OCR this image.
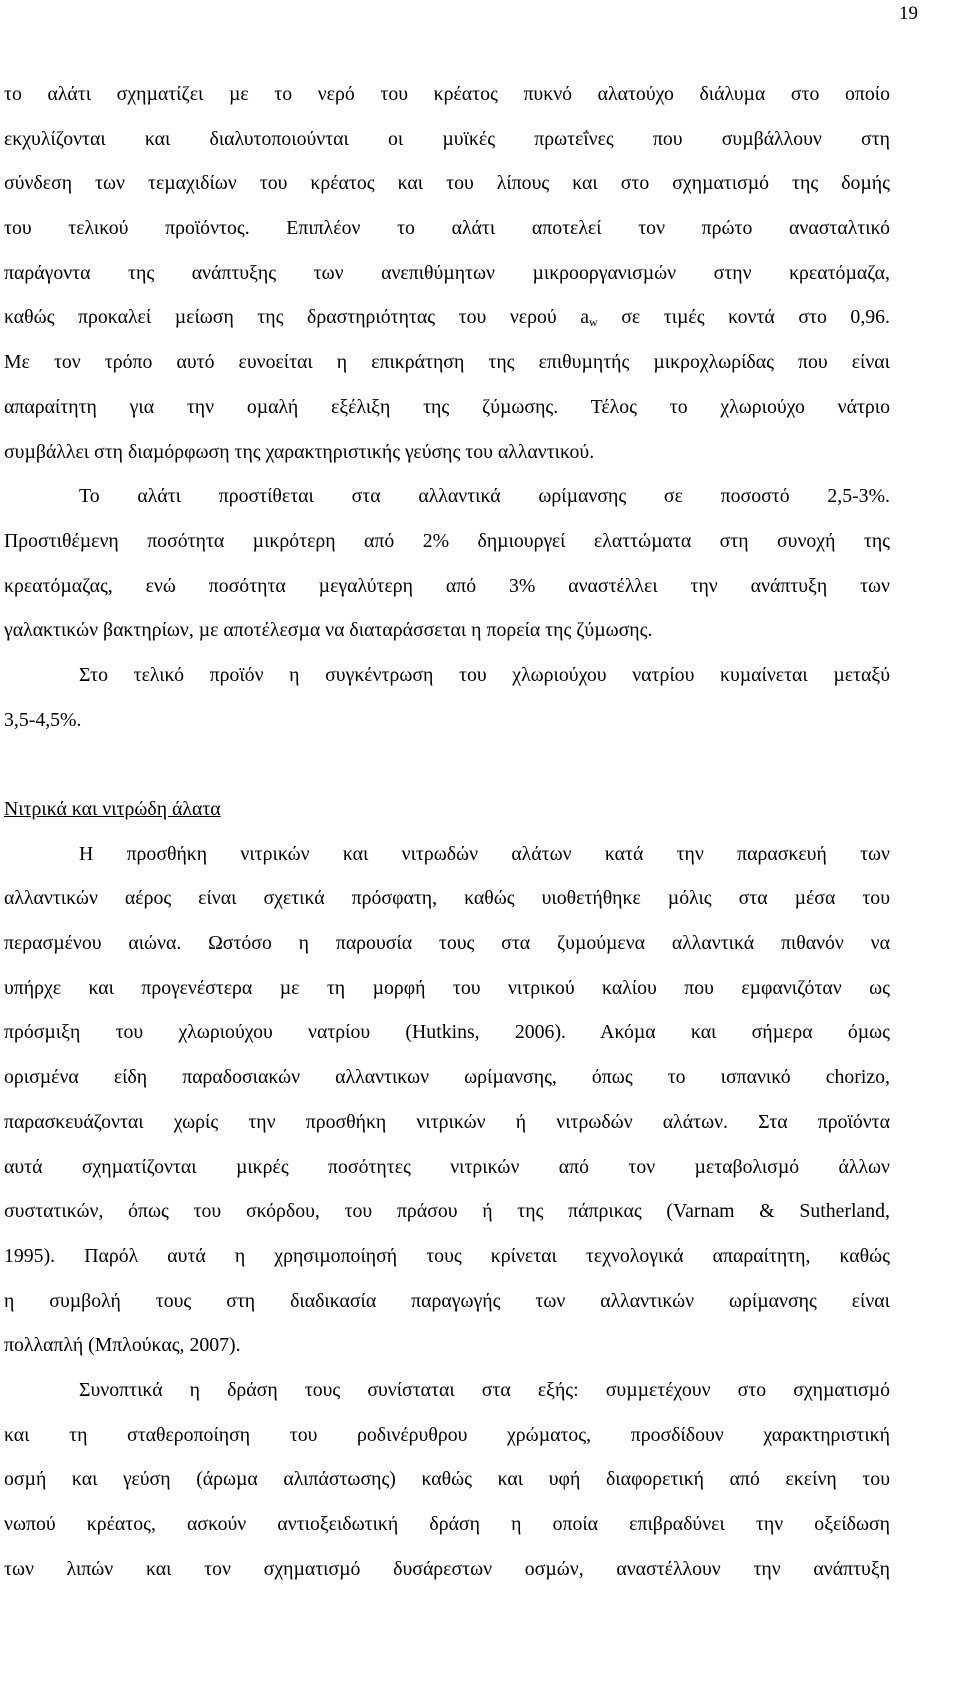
19
το αλάτι σχηµατίζει µε το νερό του κρέατος πυκνό αλατούχο διάλυµα στο οποίο
εκχυλίζονται και διαλυτοποιούνται οι µυϊκές πρωτεΐνες που συµβάλλουν στη
σύνδεση των τεµαχιδίων του κρέατος και του λίπους και στο σχηµατισµό της δοµής
του τελικού προϊόντος. Επιπλέον το αλάτι αποτελεί τον πρώτο ανασταλτικό
παράγοντα της ανάπτυξης των ανεπιθύµητων µικροοργανισµών στην κρεατόµαζα,
καθώς προκαλεί µείωση της δραστηριότητας του νερού $a_w$ σε τιµές κοντά στο 0,96.
Με τον τρόπο αυτό ευνοείται η επικράτηση της επιθυµητής µικροχλωρίδας που είναι
απαραίτητη για την οµαλή εξέλιξη της ζύµωσης. Τέλος το χλωριούχο νάτριο
συµβάλλει στη διαµόρφωση της χαρακτηριστικής γεύσης του αλλαντικού.
Το αλάτι προστίθεται στα αλλαντικά ωρίµανσης σε ποσοστό 2,5-3%.
Προστιθέµενη ποσότητα µικρότερη από 2% δηµιουργεί ελαττώµατα στη συνοχή της
κρεατόµαζας, ενώ ποσότητα µεγαλύτερη από 3% αναστέλλει την ανάπτυξη των
γαλακτικών βακτηρίων, µε αποτέλεσµα να διαταράσσεται η πορεία της ζύµωσης.
Στο τελικό προϊόν η συγκέντρωση του χλωριούχου νατρίου κυµαίνεται µεταξύ
3,5-4,5%.
Νιτρικά και νιτρώδη άλατα
Η προσθήκη νιτρικών και νιτρωδών αλάτων κατά την παρασκευή των
αλλαντικών αέρος είναι σχετικά πρόσφατη, καθώς υιοθετήθηκε µόλις στα µέσα του
περασµένου αιώνα. Ωστόσο η παρουσία τους στα ζυµούµενα αλλαντικά πιθανόν να
υπήρχε και προγενέστερα µε τη µορφή του νιτρικού καλίου που εµφανιζόταν ως
πρόσµιξη του χλωριούχου νατρίου (Hutkins, 2006). Ακόµα και σήµερα όµως
ορισµένα είδη παραδοσιακών αλλαντικων ωρίµανσης, όπως το ισπανικό chorizo,
παρασκευάζονται χωρίς την προσθήκη νιτρικών ή νιτρωδών αλάτων. Στα προϊόντα
αυτά σχηµατίζονται µικρές ποσότητες νιτρικών από τον µεταβολισµό άλλων
συστατικών, όπως του σκόρδου, του πράσου ή της πάπρικας (Varnam & Sutherland,
1995). Παρόλ αυτά η χρησιµοποίησή τους κρίνεται τεχνολογικά απαραίτητη, καθώς
η συµβολή τους στη διαδικασία παραγωγής των αλλαντικών ωρίµανσης είναι
πολλαπλή (Μπλούκας, 2007).
Συνοπτικά η δράση τους συνίσταται στα εξής: συµµετέχουν στο σχηµατισµό
και τη σταθεροποίηση του ροδινέρυθρου χρώµατος, προσδίδουν χαρακτηριστική
οσµή και γεύση (άρωµα αλιπάστωσης) καθώς και υφή διαφορετική από εκείνη του
νωπού κρέατος, ασκούν αντιοξειδωτική δράση η οποία επιβραδύνει την οξείδωση
των λιπών και τον σχηµατισµό δυσάρεστων οσµών, αναστέλλουν την ανάπτυξη
